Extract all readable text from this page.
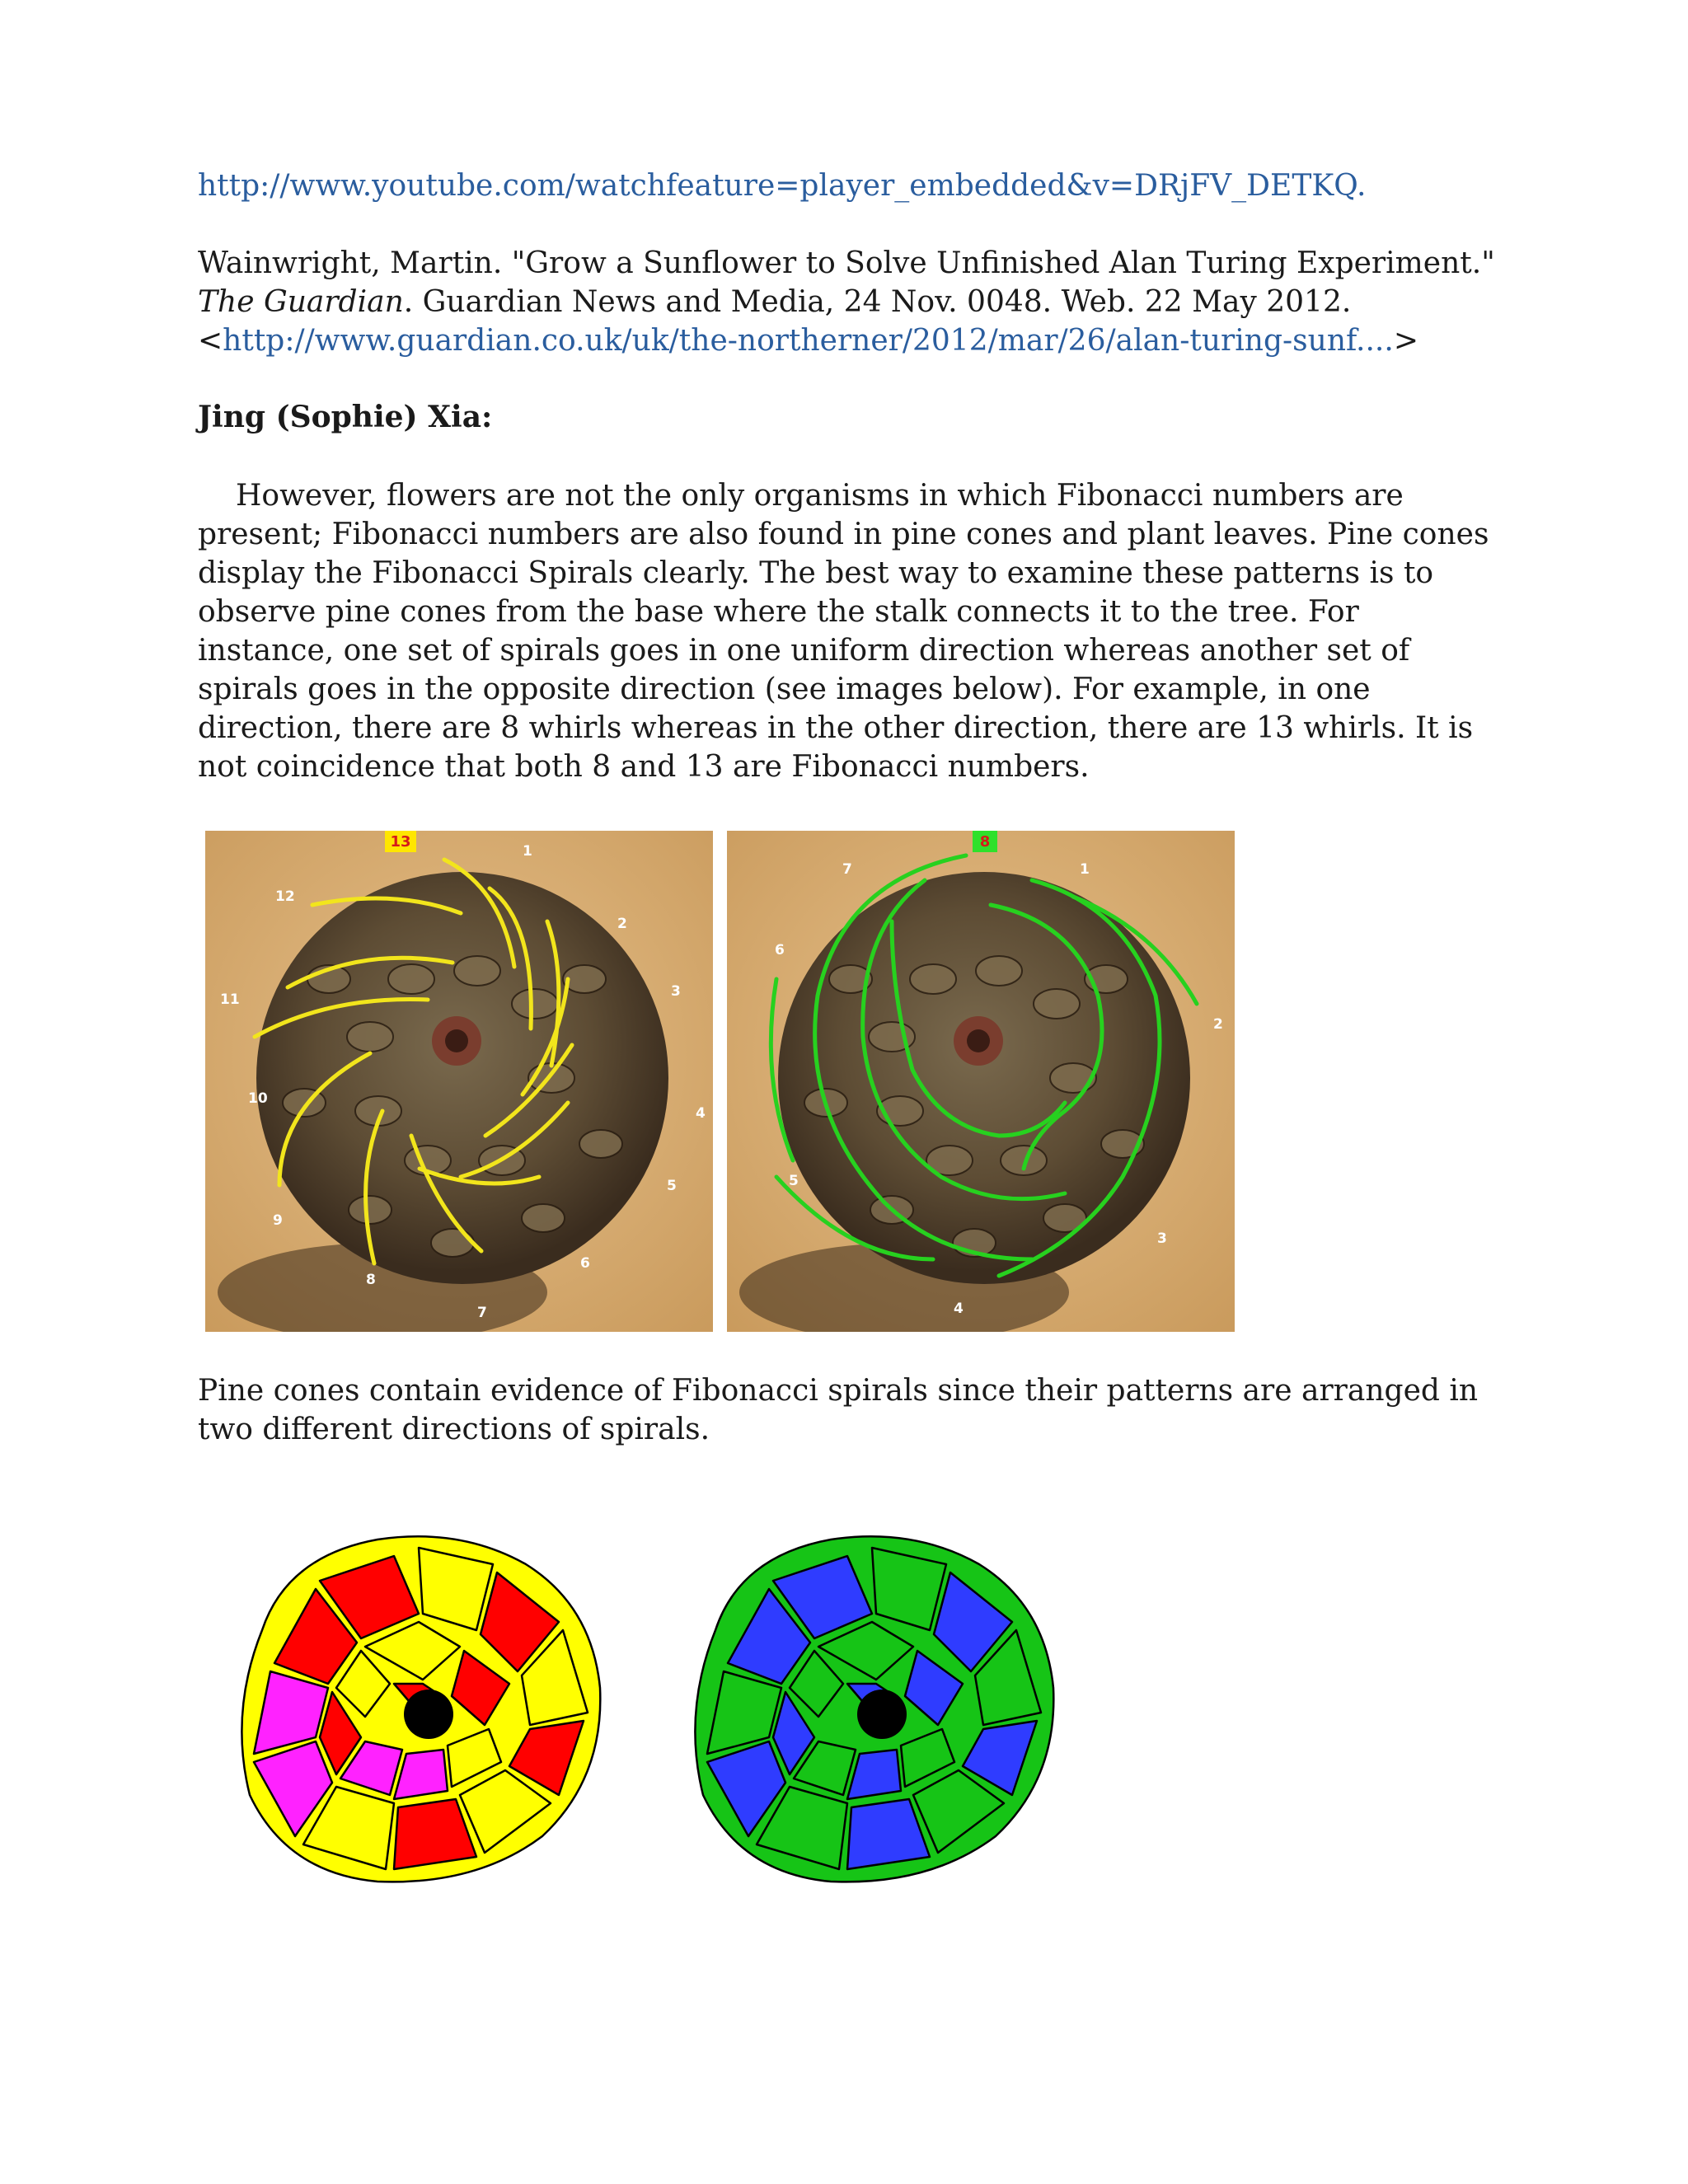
http://www.youtube.com/watchfeature=player_embedded&v=DRjFV_DETKQ.
Wainwright, Martin. "Grow a Sunflower to Solve Unfinished Alan Turing Experiment." The Guardian. Guardian News and Media, 24 Nov. 0048. Web. 22 May 2012.
<http://www.guardian.co.uk/uk/the-northerner/2012/mar/26/alan-turing-sunf....>
Jing (Sophie) Xia:
However, flowers are not the only organisms in which Fibonacci numbers are present; Fibonacci numbers are also found in pine cones and plant leaves. Pine cones display the Fibonacci Spirals clearly. The best way to examine these patterns is to observe pine cones from the base where the stalk connects it to the tree. For instance, one set of spirals goes in one uniform direction whereas another set of spirals goes in the opposite direction (see images below). For example, in one direction, there are 8 whirls whereas in the other direction, there are 13 whirls. It is not coincidence that both 8 and 13 are Fibonacci numbers.
13
1
2
3
4
5
6
7
8
9
10
11
12
8
1
2
3
4
5
6
7
Pine cones contain evidence of Fibonacci spirals since their patterns are arranged in two different directions of spirals.
